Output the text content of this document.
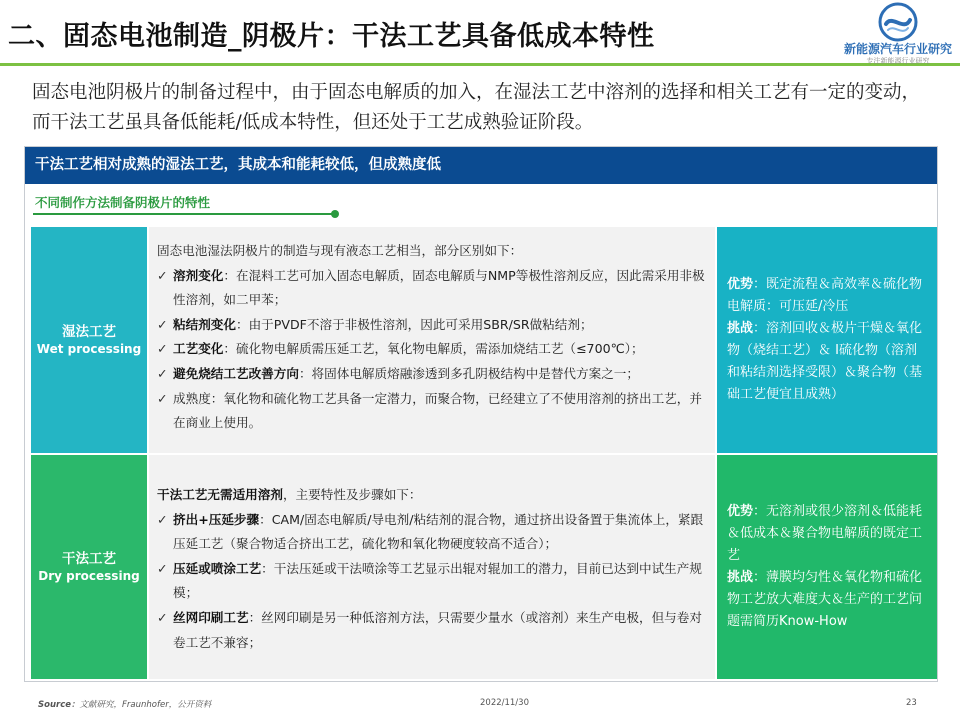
二、固态电池制造_阴极片：干法工艺具备低成本特性	新能源汽车行业研究
专注新能源行业研究
固态电池阴极片的制备过程中，由于固态电解质的加入，在湿法工艺中溶剂的选择和相关工艺有一定的变动，而干法工艺虽具备低能耗/低成本特性，但还处于工艺成熟验证阶段。
干法工艺相对成熟的湿法工艺，其成本和能耗较低，但成熟度低
不同制作方法制备阴极片的特性
湿法工艺
Wet processing
固态电池湿法阴极片的制造与现有液态工艺相当，部分区别如下：
✓ 溶剂变化：在混料工艺可加入固态电解质，固态电解质与NMP等极性溶剂反应，因此需采用非极性溶剂，如二甲苯；
✓ 粘结剂变化：由于PVDF不溶于非极性溶剂，因此可采用SBR/SR做粘结剂；
✓ 工艺变化：硫化物电解质需压延工艺，氧化物电解质，需添加烧结工艺（≤700℃）；
✓ 避免烧结工艺改善方向：将固体电解质熔融渗透到多孔阴极结构中是替代方案之一；
✓ 成熟度：氧化物和硫化物工艺具备一定潜力，而聚合物，已经建立了不使用溶剂的挤出工艺，并在商业上使用。
优势：既定流程＆高效率＆硫化物电解质：可压延/冷压
挑战：溶剂回收＆极片干燥＆氧化物（烧结工艺）＆ I硫化物（溶剂和粘结剂选择受限）＆聚合物（基础工艺便宜且成熟）
干法工艺
Dry processing
干法工艺无需适用溶剂，主要特性及步骤如下：
✓ 挤出+压延步骤：CAM/固态电解质/导电剂/粘结剂的混合物，通过挤出设备置于集流体上，紧跟压延工艺（聚合物适合挤出工艺，硫化物和氧化物硬度较高不适合）；
✓ 压延或喷涂工艺：干法压延或干法喷涂等工艺显示出辊对辊加工的潜力，目前已达到中试生产规模；
✓ 丝网印刷工艺：丝网印刷是另一种低溶剂方法，只需要少量水（或溶剂）来生产电极，但与卷对卷工艺不兼容；
优势：无溶剂或很少溶剂＆低能耗＆低成本＆聚合物电解质的既定工艺
挑战：薄膜均匀性＆氧化物和硫化物工艺放大难度大＆生产的工艺问题需简历Know-How
Source：文献研究，Fraunhofer，公开资料	2022/11/30	23
